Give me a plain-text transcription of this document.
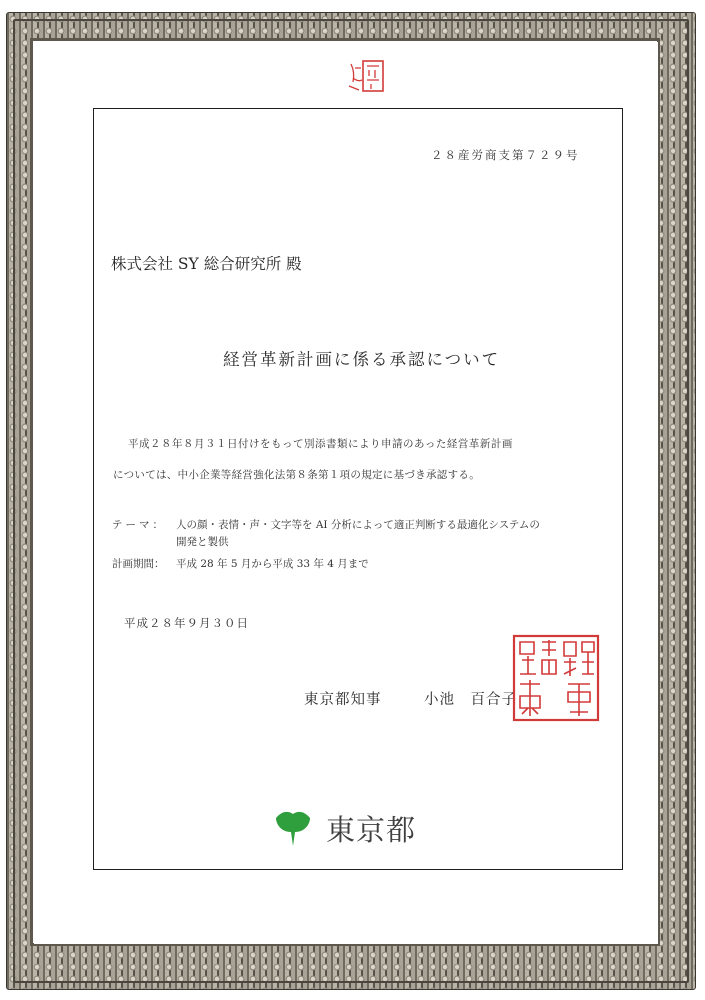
２８産労商支第７２９号
株式会社 SY 総合研究所 殿
経営革新計画に係る承認について
平成２８年８月３１日付けをもって別添書類により申請のあった経営革新計画
については、中小企業等経営強化法第８条第１項の規定に基づき承認する。
テーマ： 人の顔・表情・声・文字等を AI 分析によって適正判断する最適化システムの
開発と製供
計画期間： 平成 28 年 5 月から平成 33 年 4 月まで
平成２８年９月３０日
東京都知事	小池　百合子
東京都
